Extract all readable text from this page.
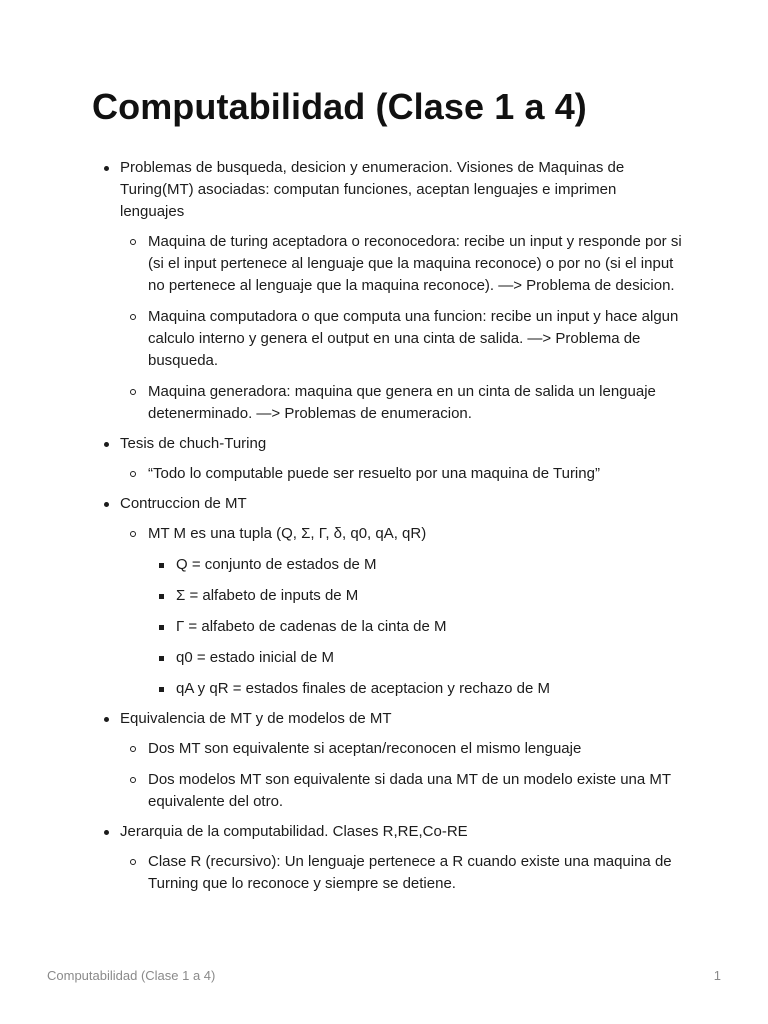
Computabilidad (Clase 1 a 4)
Problemas de busqueda, desicion y enumeracion. Visiones de Maquinas de Turing(MT) asociadas: computan funciones, aceptan lenguajes e imprimen lenguajes
Maquina de turing aceptadora o reconocedora: recibe un input y responde por si (si el input pertenece al lenguaje que la maquina reconoce) o por no (si el input no pertenece al lenguaje que la maquina reconoce). —> Problema de desicion.
Maquina computadora o que computa una funcion: recibe un input y hace algun calculo interno y genera el output en una cinta de salida. —> Problema de busqueda.
Maquina generadora: maquina que genera en un cinta de salida un lenguaje detenerminado. —> Problemas de enumeracion.
Tesis de chuch-Turing
“Todo lo computable puede ser resuelto por una maquina de Turing”
Contruccion de MT
MT M es una tupla (Q, Σ, Γ, δ, q0, qA, qR)
Q = conjunto de estados de M
Σ = alfabeto de inputs de M
Γ = alfabeto de cadenas de la cinta de M
q0 = estado inicial de M
qA y qR = estados finales de aceptacion y rechazo de M
Equivalencia de MT y de modelos de MT
Dos MT son equivalente si aceptan/reconocen el mismo lenguaje
Dos modelos MT son equivalente si dada una MT de un modelo existe una MT equivalente del otro.
Jerarquia de la computabilidad. Clases R,RE,Co-RE
Clase R (recursivo): Un lenguaje pertenece a R cuando existe una maquina de Turning que lo reconoce y siempre se detiene.
Computabilidad (Clase 1 a 4)	1
